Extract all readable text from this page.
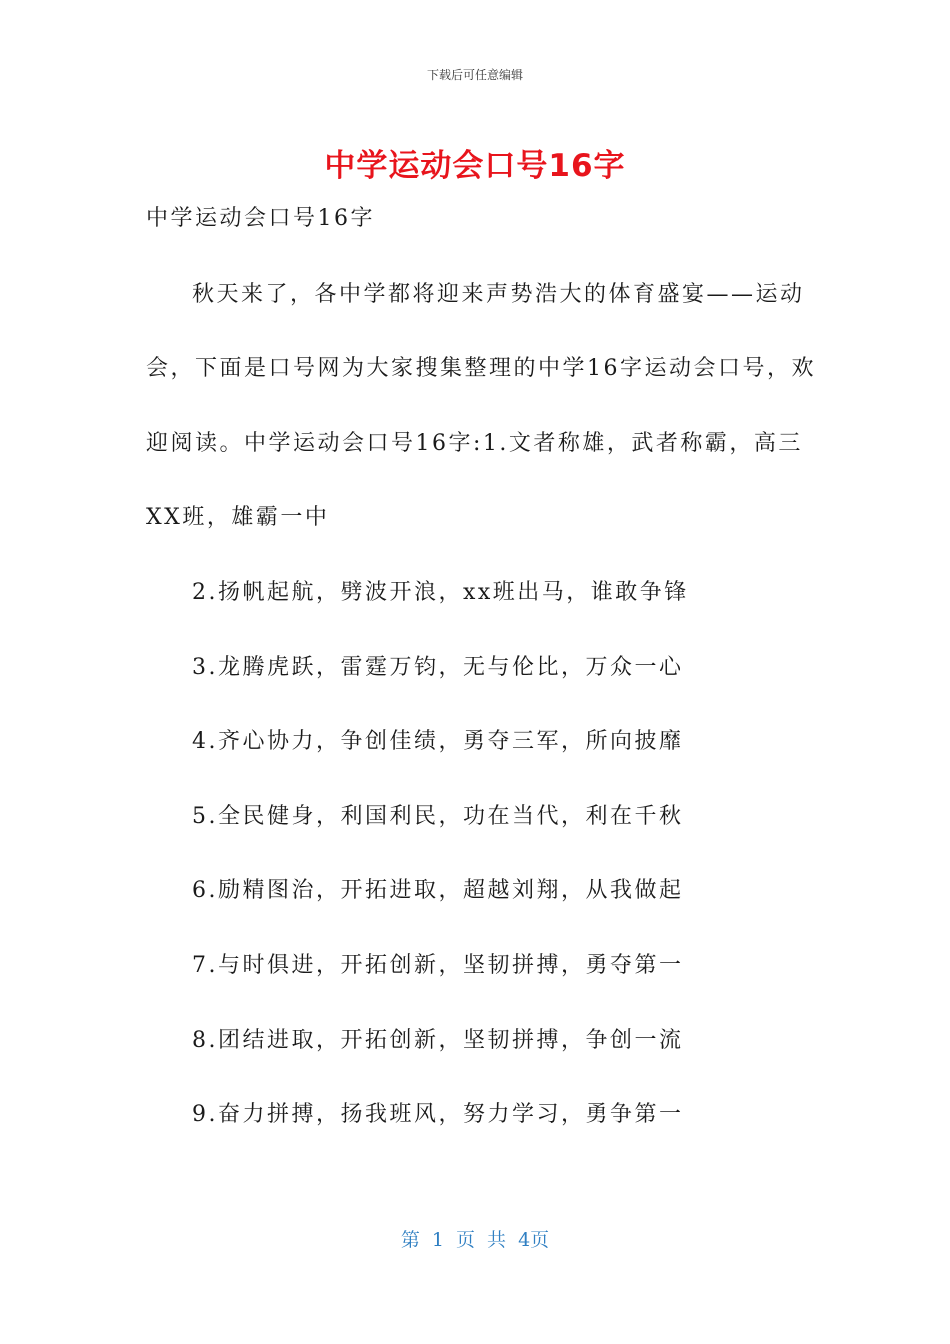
下载后可任意编辑
中学运动会口号16字
中学运动会口号16字
秋天来了，各中学都将迎来声势浩大的体育盛宴——运动
会，下面是口号网为大家搜集整理的中学16字运动会口号，欢
迎阅读。中学运动会口号16字:1.文者称雄，武者称霸，高三
XX班，雄霸一中
2.扬帆起航，劈波开浪，xx班出马，谁敢争锋
3.龙腾虎跃，雷霆万钧，无与伦比，万众一心
4.齐心协力，争创佳绩，勇夺三军，所向披靡
5.全民健身，利国利民，功在当代，利在千秋
6.励精图治，开拓进取，超越刘翔，从我做起
7.与时俱进，开拓创新，坚韧拼搏，勇夺第一
8.团结进取，开拓创新，坚韧拼搏，争创一流
9.奋力拼搏，扬我班风，努力学习，勇争第一
第 1 页 共 4页
